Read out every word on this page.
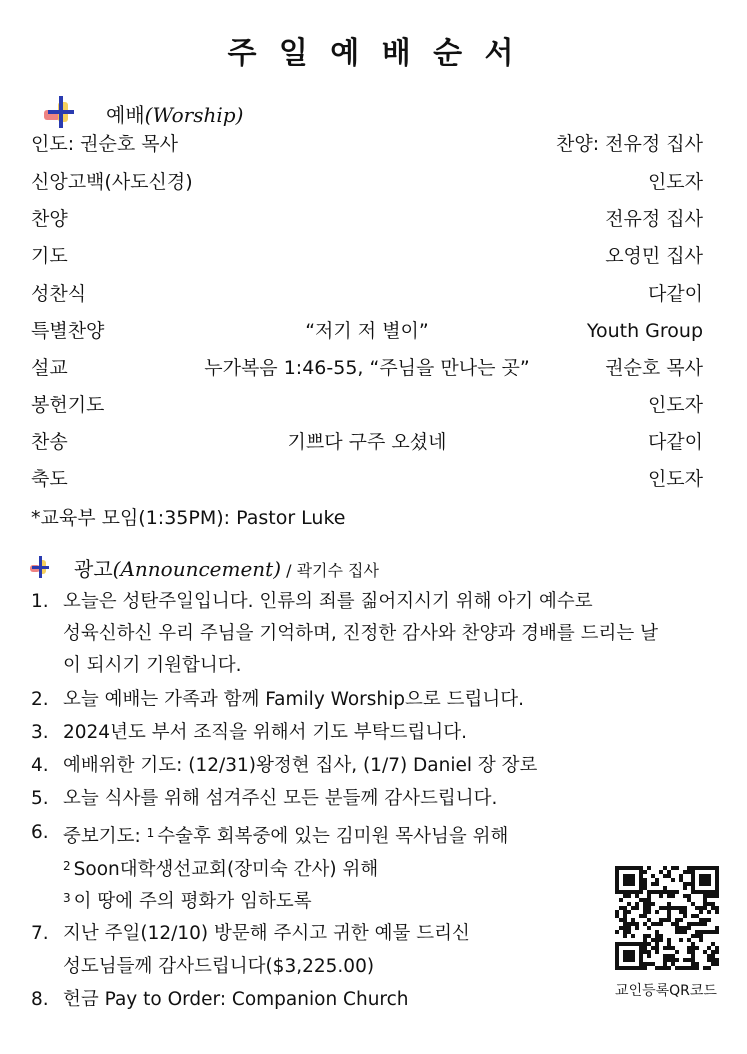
주 일 예 배 순 서
예배(Worship)
인도: 권순호 목사	찬양: 전유정 집사
신앙고백(사도신경)	인도자
찬양	전유정 집사
기도	오영민 집사
성찬식	다같이
특별찬양	“저기 저 별이”	Youth Group
설교	누가복음 1:46-55, “주님을 만나는 곳”	권순호 목사
봉헌기도	인도자
찬송	기쁘다 구주 오셨네	다같이
축도	인도자
*교육부 모임(1:35PM): Pastor Luke
광고(Announcement) / 곽기수 집사
1. 오늘은 성탄주일입니다. 인류의 죄를 짊어지시기 위해 아기 예수로
성육신하신 우리 주님을 기억하며, 진정한 감사와 찬양과 경배를 드리는 날
이 되시기 기원합니다.
2. 오늘 예배는 가족과 함께 Family Worship으로 드립니다.
3. 2024년도 부서 조직을 위해서 기도 부탁드립니다.
4. 예배위한 기도: (12/31)왕정현 집사, (1/7) Daniel 장 장로
5. 오늘 식사를 위해 섬겨주신 모든 분들께 감사드립니다.
6. 중보기도: $^1$ 수술후 회복중에 있는 김미원 목사님을 위해
$^2$ Soon대학생선교회(장미숙 간사) 위해
$^3$ 이 땅에 주의 평화가 임하도록
7. 지난 주일(12/10) 방문해 주시고 귀한 예물 드리신
성도님들께 감사드립니다($3,225.00)
8. 헌금 Pay to Order: Companion Church	교인등록QR코드
